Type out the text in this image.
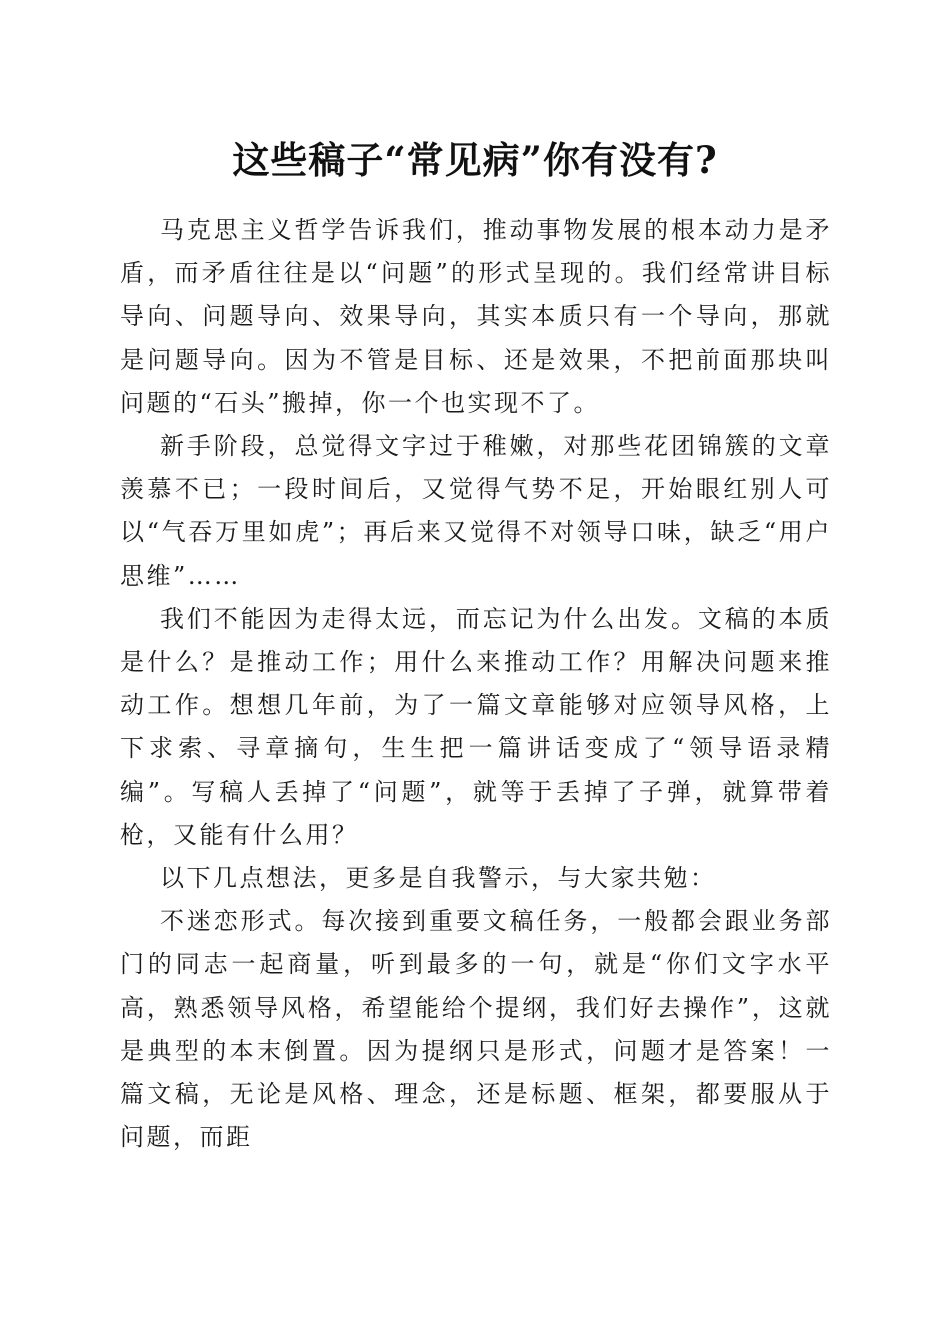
这些稿子“常见病”你有没有?

马克思主义哲学告诉我们，推动事物发展的根本动力是矛盾，而矛盾往往是以“问题”的形式呈现的。我们经常讲目标导向、问题导向、效果导向，其实本质只有一个导向，那就是问题导向。因为不管是目标、还是效果，不把前面那块叫问题的“石头”搬掉，你一个也实现不了。

新手阶段，总觉得文字过于稚嫩，对那些花团锦簇的文章羡慕不已；一段时间后，又觉得气势不足，开始眼红别人可以“气吞万里如虎”；再后来又觉得不对领导口味，缺乏“用户思维”……

我们不能因为走得太远，而忘记为什么出发。文稿的本质是什么？是推动工作；用什么来推动工作？用解决问题来推动工作。想想几年前，为了一篇文章能够对应领导风格，上下求索、寻章摘句，生生把一篇讲话变成了“领导语录精编”。写稿人丢掉了“问题”，就等于丢掉了子弹，就算带着枪，又能有什么用？

以下几点想法，更多是自我警示，与大家共勉：

不迷恋形式。每次接到重要文稿任务，一般都会跟业务部门的同志一起商量，听到最多的一句，就是“你们文字水平高，熟悉领导风格，希望能给个提纲，我们好去操作”，这就是典型的本末倒置。因为提纲只是形式，问题才是答案！一篇文稿，无论是风格、理念，还是标题、框架，都要服从于问题，而距
